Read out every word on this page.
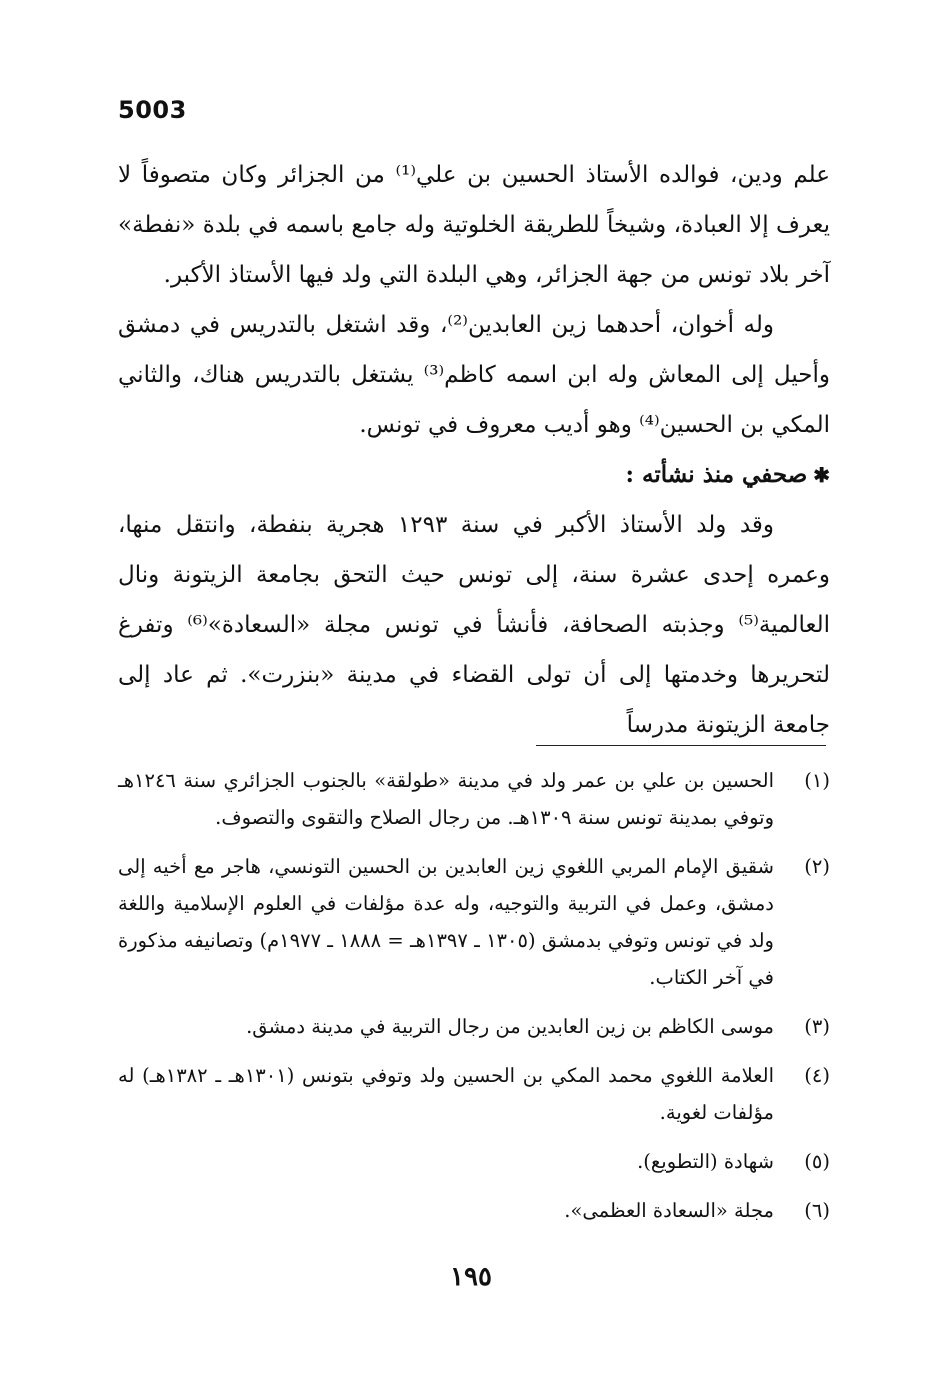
5003

علم ودين، فوالده الأستاذ الحسين بن علي⁽¹⁾ من الجزائر وكان متصوفاً لا يعرف إلا العبادة، وشيخاً للطريقة الخلوتية وله جامع باسمه في بلدة «نفطة» آخر بلاد تونس من جهة الجزائر، وهي البلدة التي ولد فيها الأستاذ الأكبر.

وله أخوان، أحدهما زين العابدين⁽²⁾، وقد اشتغل بالتدريس في دمشق وأحيل إلى المعاش وله ابن اسمه كاظم⁽³⁾ يشتغل بالتدريس هناك، والثاني المكي بن الحسين⁽⁴⁾ وهو أديب معروف في تونس.

✱صحفي منذ نشأته :

وقد ولد الأستاذ الأكبر في سنة ١٢٩٣ هجرية بنفطة، وانتقل منها، وعمره إحدى عشرة سنة، إلى تونس حيث التحق بجامعة الزيتونة ونال العالمية⁽⁵⁾ وجذبته الصحافة، فأنشأ في تونس مجلة «السعادة»⁽⁶⁾ وتفرغ لتحريرها وخدمتها إلى أن تولى القضاء في مدينة «بنزرت». ثم عاد إلى جامعة الزيتونة مدرساً

(١)
الحسين بن علي بن عمر ولد في مدينة «طولقة» بالجنوب الجزائري سنة ١٢٤٦هـ وتوفي بمدينة تونس سنة ١٣٠٩هـ. من رجال الصلاح والتقوى والتصوف.
(٢)
شقيق الإمام المربي اللغوي زين العابدين بن الحسين التونسي، هاجر مع أخيه إلى دمشق، وعمل في التربية والتوجيه، وله عدة مؤلفات في العلوم الإسلامية واللغة ولد في تونس وتوفي بدمشق (١٣٠٥ ـ ١٣٩٧هـ = ١٨٨٨ ـ ١٩٧٧م) وتصانيفه مذكورة في آخر الكتاب.
(٣)
موسى الكاظم بن زين العابدين من رجال التربية في مدينة دمشق.
(٤)
العلامة اللغوي محمد المكي بن الحسين ولد وتوفي بتونس (١٣٠١هـ ـ ١٣٨٢هـ) له مؤلفات لغوية.
(٥)
شهادة (التطويع).
(٦)
مجلة «السعادة العظمى».
١٩٥
